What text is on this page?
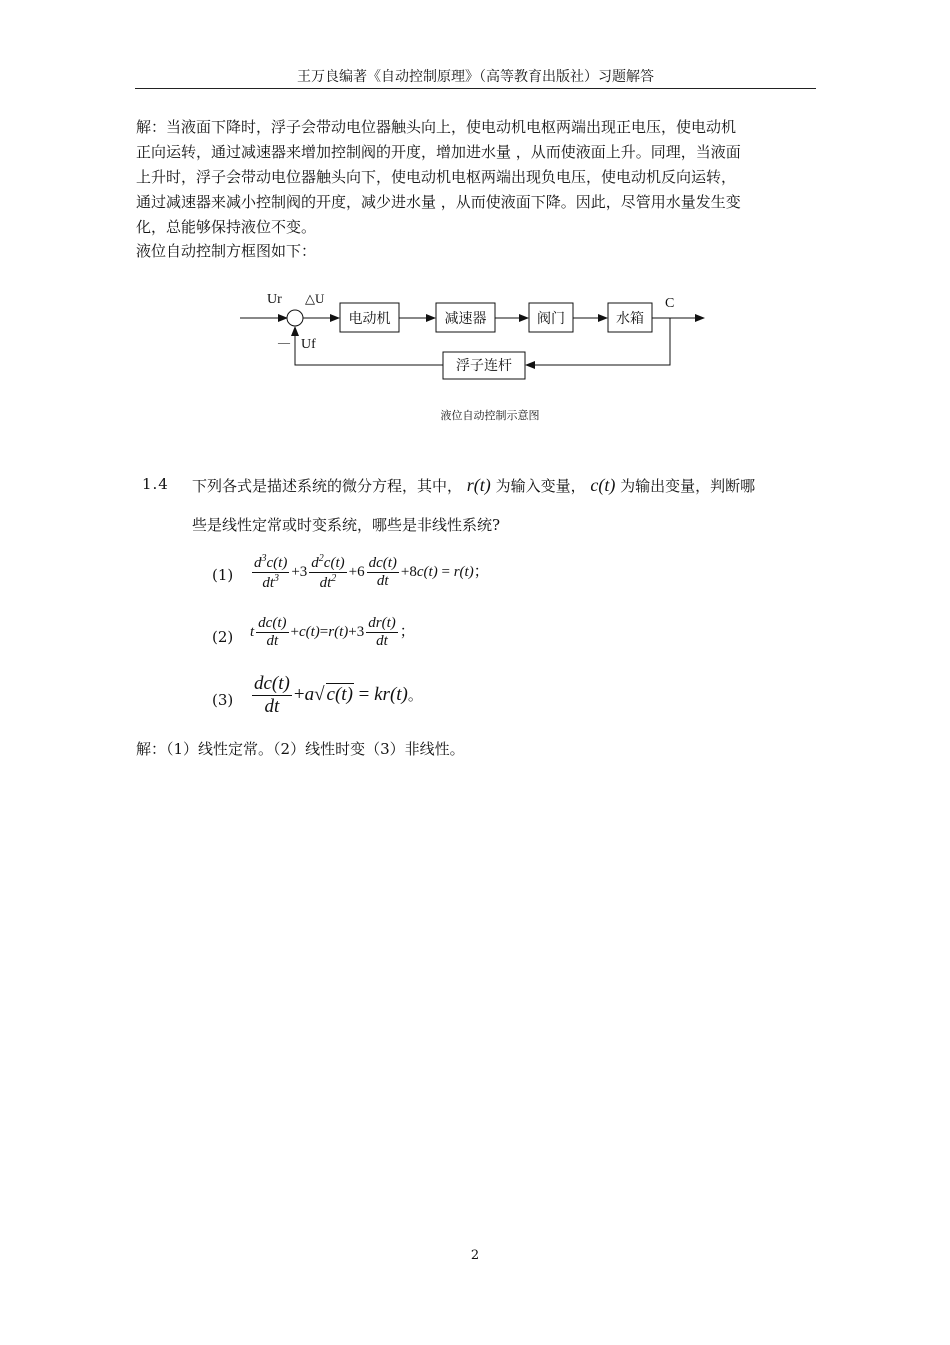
王万良编著《自动控制原理》（高等教育出版社）习题解答
解：当液面下降时，浮子会带动电位器触头向上，使电动机电枢两端出现正电压，使电动机
正向运转，通过减速器来增加控制阀的开度，增加进水量 ，从而使液面上升。同理，当液面
上升时，浮子会带动电位器触头向下，使电动机电枢两端出现负电压，使电动机反向运转，
通过减速器来减小控制阀的开度，减少进水量 ，从而使液面下降。因此，尽管用水量发生变
化，总能够保持液位不变。
液位自动控制方框图如下：
Ur △U	C
— Uf
电动机	减速器	阀门	水箱
浮子连杆
液位自动控制示意图
1.4 下列各式是描述系统的微分方程，其中， r(t) 为输入变量， c(t) 为输出变量，判断哪
些是线性定常或时变系统，哪些是非线性系统?
$(1) \frac{d^3c(t)}{dt^3} +3 \frac{d^2c(t)}{dt^2} +6 \frac{dc(t)}{dt} +8c(t) = r(t)$；
(2) t $\frac{dc(t)}{dt} +c(t)=r(t)+3 \frac{dr(t)}{dt}$ ；
$(3) \frac{dc(t)}{dt} +a√$ c(t) = kr(t)。
解：（1）线性定常。（2）线性时变（3）非线性。
2
